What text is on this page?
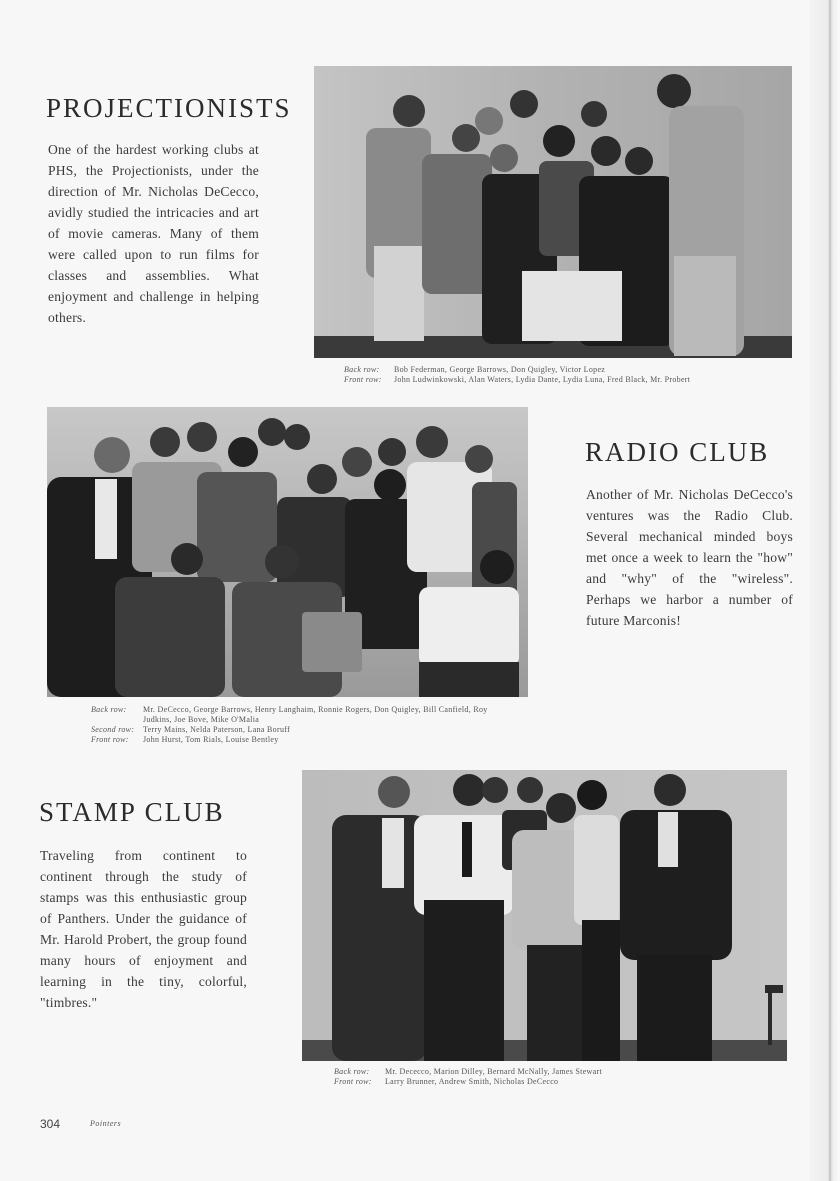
PROJECTIONISTS

One of the hardest working clubs at PHS, the Projectionists, under the direction of Mr. Nicholas DeCecco, avidly studied the intricacies and art of movie cameras. Many of them were called upon to run films for classes and assemblies. What enjoyment and challenge in helping others.

Back row:	Bob Federman, George Barrows, Don Quigley, Victor Lopez
Front row:	John Ludwinkowski, Alan Waters, Lydia Dante, Lydia Luna, Fred Black, Mr. Probert
RADIO CLUB

Another of Mr. Nicholas DeCecco's ventures was the Radio Club. Several mechanical minded boys met once a week to learn the "how" and "why" of the "wireless". Perhaps we harbor a number of future Marconis!

Back row:	Mr. DeCecco, George Barrows, Henry Langhaim, Ronnie Rogers, Don Quigley, Bill Canfield, Roy Judkins, Joe Bove, Mike O'Malia
Second row:	Terry Mains, Nelda Paterson, Lana Boruff
Front row:	John Hurst, Tom Rials, Louise Bentley
STAMP CLUB

Traveling from continent to continent through the study of stamps was this enthusiastic group of Panthers. Under the guidance of Mr. Harold Probert, the group found many hours of enjoyment and learning in the tiny, colorful, "timbres."

Back row:	Mr. Dececco, Marion Dilley, Bernard McNally, James Stewart
Front row:	Larry Brunner, Andrew Smith, Nicholas DeCecco
304	Pointers
